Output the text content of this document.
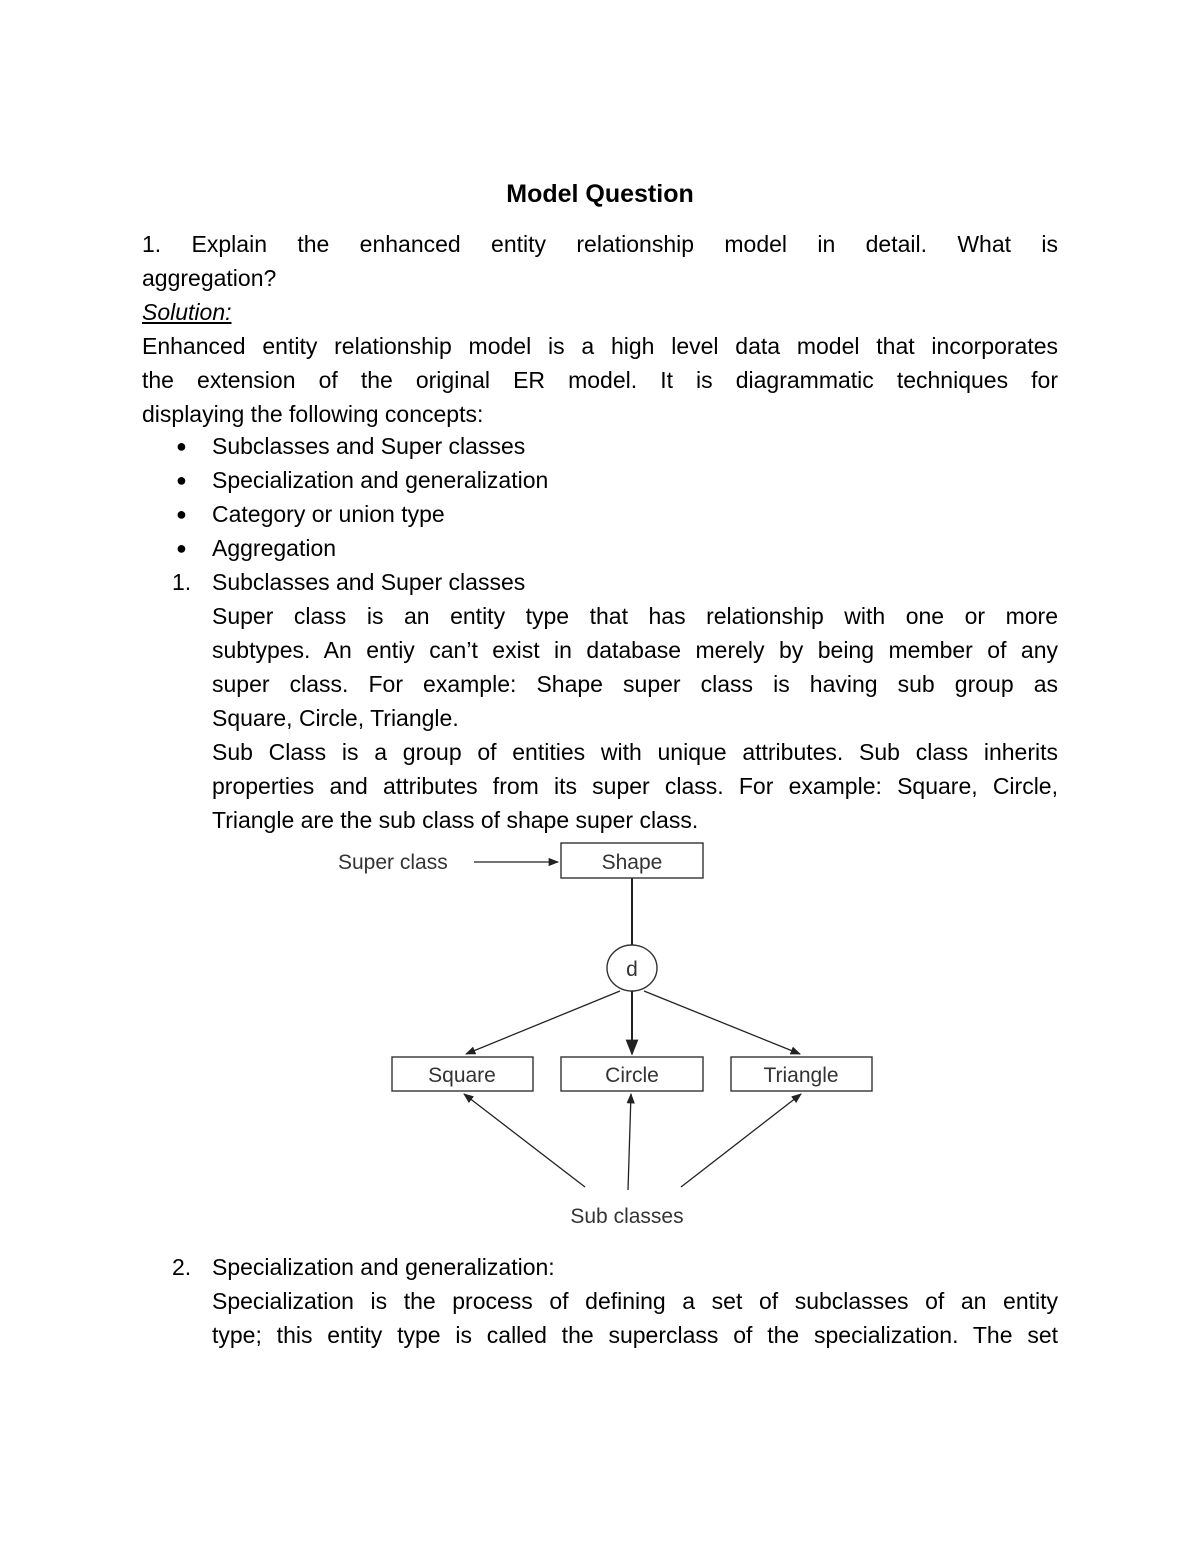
Model Question
1. Explain the enhanced entity relationship model in detail. What is
aggregation?
Solution:
Enhanced entity relationship model is a high level data model that incorporates
the extension of the original ER model. It is diagrammatic techniques for
displaying the following concepts:
● Subclasses and Super classes
● Specialization and generalization
● Category or union type
● Aggregation
1. Subclasses and Super classes
Super class is an entity type that has relationship with one or more
subtypes. An entiy can’t exist in database merely by being member of any
super class. For example: Shape super class is having sub group as
Square, Circle, Triangle.
Sub Class is a group of entities with unique attributes. Sub class inherits
properties and attributes from its super class. For example: Square, Circle,
Triangle are the sub class of shape super class.
Super class	Shape
d
Square	Circle	Triangle
Sub classes
2. Specialization and generalization:
Specialization is the process of defining a set of subclasses of an entity
type; this entity type is called the superclass of the specialization. The set
